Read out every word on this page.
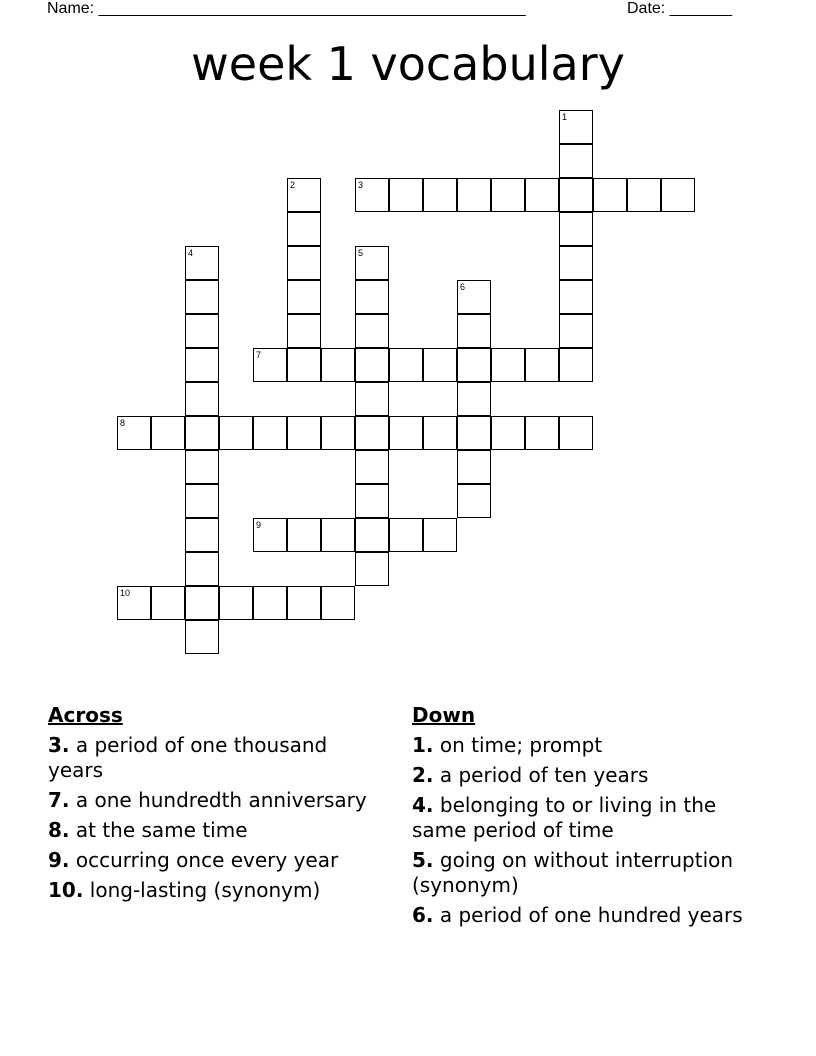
Name: ________________________________________________	Date: _______
week 1 vocabulary
1
2	3
4	5
6
7
8
9
10
Across
3. a period of one thousand years
7. a one hundredth anniversary
8. at the same time
9. occurring once every year
10. long-lasting (synonym)
Down
1. on time; prompt
2. a period of ten years
4. belonging to or living in the same period of time
5. going on without interruption (synonym)
6. a period of one hundred years
